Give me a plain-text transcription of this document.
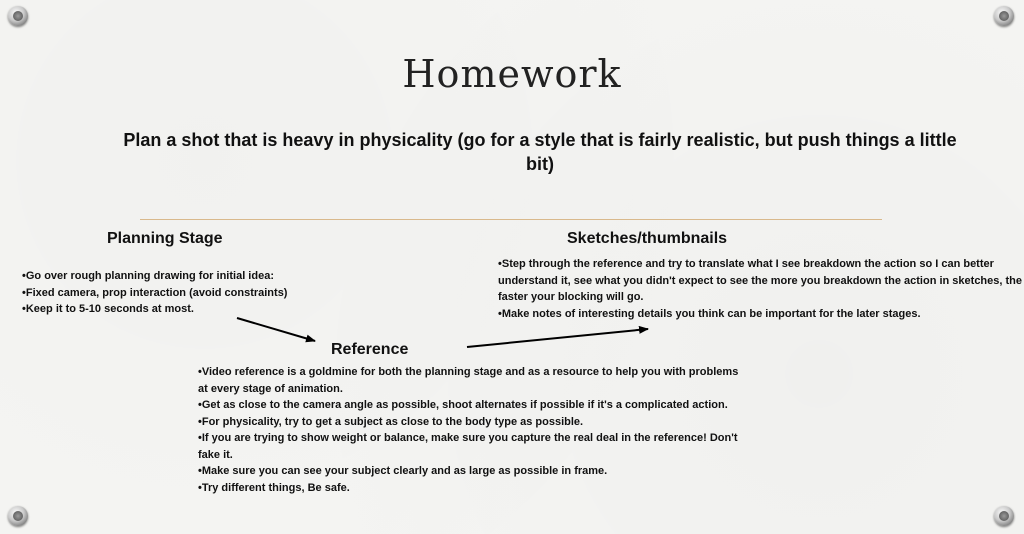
Homework
Plan a shot that is heavy in physicality (go for a style that is fairly realistic, but push things a little bit)
Planning Stage
• Go over rough planning drawing for initial idea:
• Fixed camera, prop interaction (avoid constraints)
• Keep it to 5-10 seconds at most.
Sketches/thumbnails
• Step through the reference and try to translate what I see breakdown the action so I can better understand it, see what you didn't expect to see the more you breakdown the action in sketches, the faster your blocking will go.
• Make notes of interesting details you think can be important for the later stages.
Reference
• Video reference is a goldmine for both the planning stage and as a resource to help you with problems at every stage of animation.
• Get as close to the camera angle as possible, shoot alternates if possible if it's a complicated action.
• For physicality, try to get a subject as close to the body type as possible.
• If you are trying to show weight or balance, make sure you capture the real deal in the reference! Don't fake it.
• Make sure you can see your subject clearly and as large as possible in frame.
• Try different things, Be safe.
